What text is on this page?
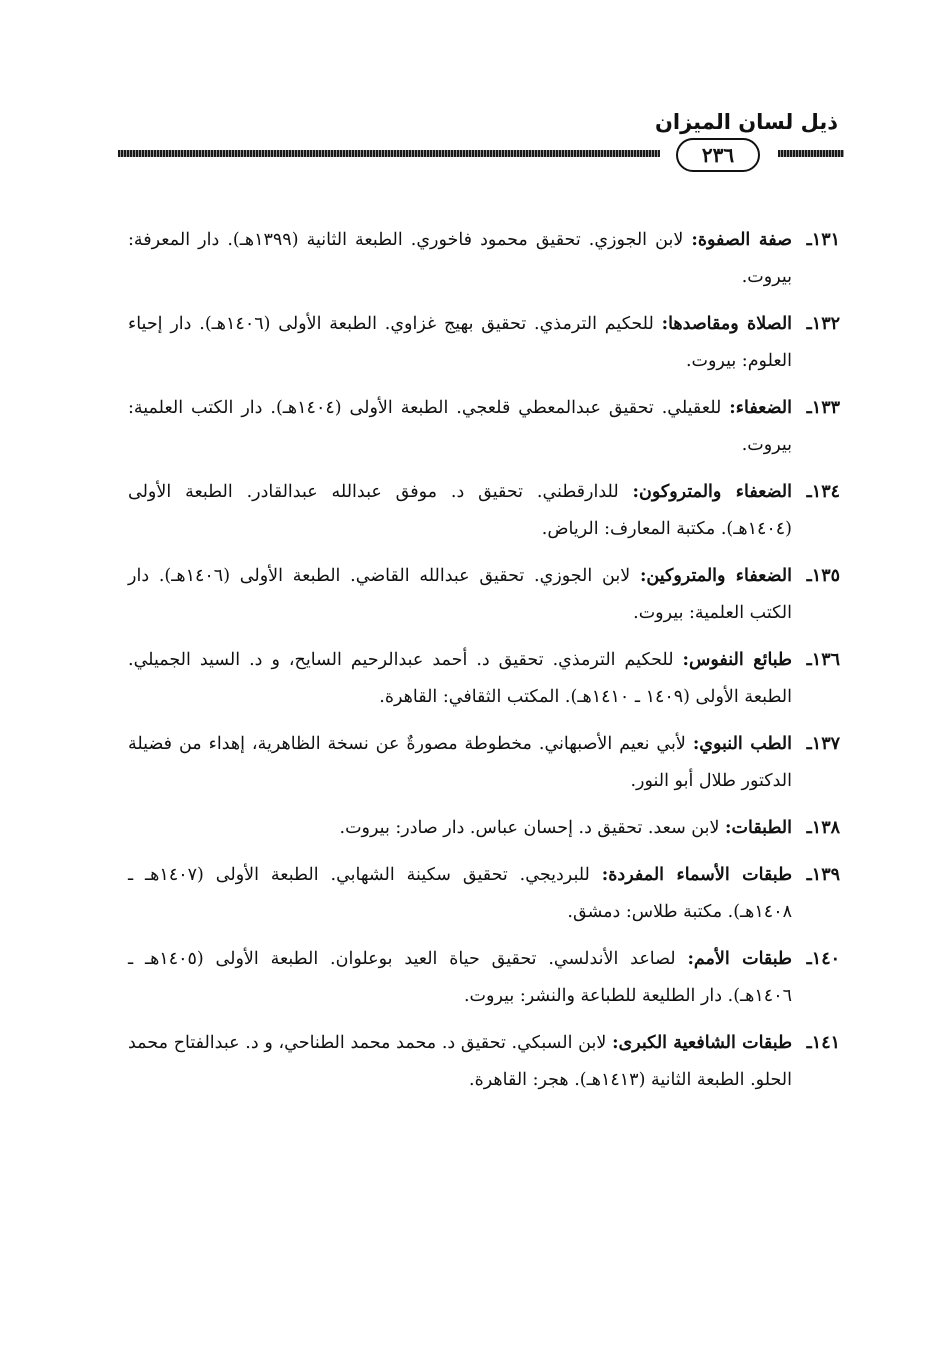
ذيل لسان الميزان
٢٣٦
١٣١ـ
صفة الصفوة: لابن الجوزي. تحقيق محمود فاخوري. الطبعة الثانية (١٣٩٩هـ). دار المعرفة: بيروت.
١٣٢ـ
الصلاة ومقاصدها: للحكيم الترمذي. تحقيق بهيج غزاوي. الطبعة الأولى (١٤٠٦هـ). دار إحياء العلوم: بيروت.
١٣٣ـ
الضعفاء: للعقيلي. تحقيق عبدالمعطي قلعجي. الطبعة الأولى (١٤٠٤هـ). دار الكتب العلمية: بيروت.
١٣٤ـ
الضعفاء والمتروكون: للدارقطني. تحقيق د. موفق عبدالله عبدالقادر. الطبعة الأولى (١٤٠٤هـ). مكتبة المعارف: الرياض.
١٣٥ـ
الضعفاء والمتروكين: لابن الجوزي. تحقيق عبدالله القاضي. الطبعة الأولى (١٤٠٦هـ). دار الكتب العلمية: بيروت.
١٣٦ـ
طبائع النفوس: للحكيم الترمذي. تحقيق د. أحمد عبدالرحيم السايح، و د. السيد الجميلي. الطبعة الأولى (١٤٠٩ ـ ١٤١٠هـ). المكتب الثقافي: القاهرة.
١٣٧ـ
الطب النبوي: لأبي نعيم الأصبهاني. مخطوطة مصورةٌ عن نسخة الظاهرية، إهداء من فضيلة الدكتور طلال أبو النور.
١٣٨ـ
الطبقات: لابن سعد. تحقيق د. إحسان عباس. دار صادر: بيروت.
١٣٩ـ
طبقات الأسماء المفردة: للبرديجي. تحقيق سكينة الشهابي. الطبعة الأولى (١٤٠٧هـ ـ ١٤٠٨هـ). مكتبة طلاس: دمشق.
١٤٠ـ
طبقات الأمم: لصاعد الأندلسي. تحقيق حياة العيد بوعلوان. الطبعة الأولى (١٤٠٥هـ ـ ١٤٠٦هـ). دار الطليعة للطباعة والنشر: بيروت.
١٤١ـ
طبقات الشافعية الكبرى: لابن السبكي. تحقيق د. محمد محمد الطناحي، و د. عبدالفتاح محمد الحلو. الطبعة الثانية (١٤١٣هـ). هجر: القاهرة.
